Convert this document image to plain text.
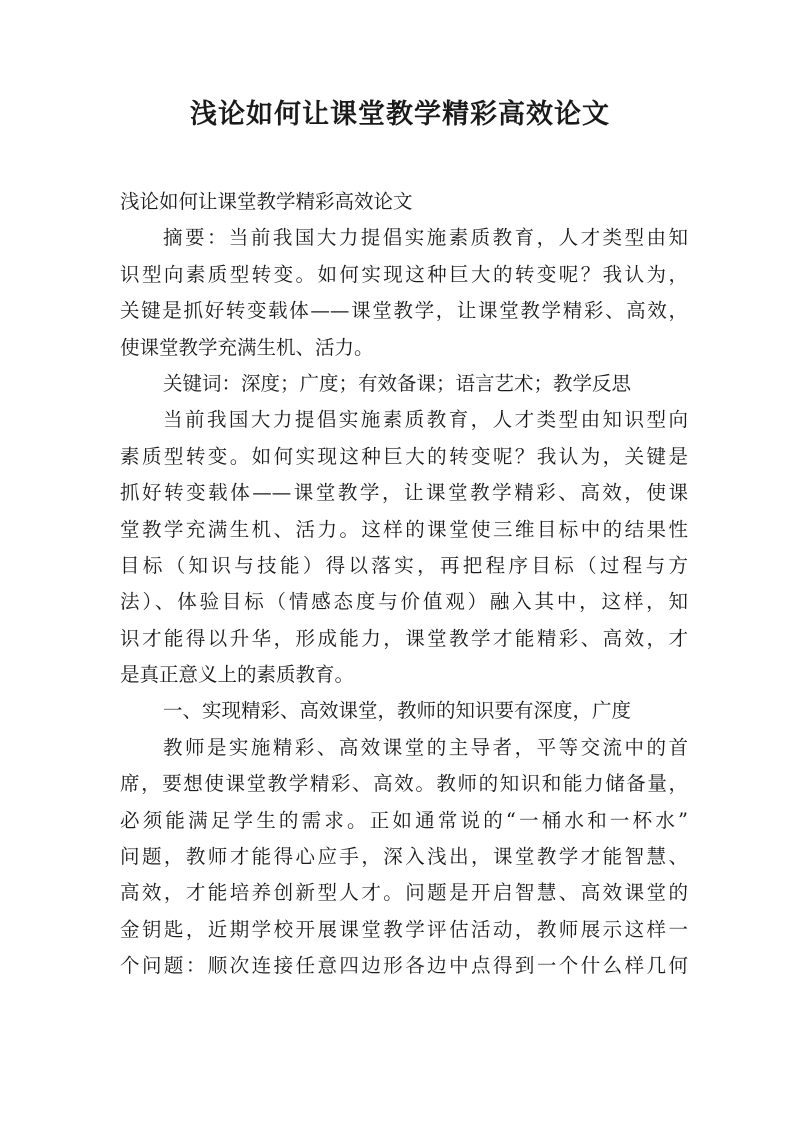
浅论如何让课堂教学精彩高效论文
浅论如何让课堂教学精彩高效论文
摘要：当前我国大力提倡实施素质教育，人才类型由知
识型向素质型转变。如何实现这种巨大的转变呢？我认为，
关键是抓好转变载体——课堂教学，让课堂教学精彩、高效，
使课堂教学充满生机、活力。
关键词：深度；广度；有效备课；语言艺术；教学反思
当前我国大力提倡实施素质教育，人才类型由知识型向
素质型转变。如何实现这种巨大的转变呢？我认为，关键是
抓好转变载体——课堂教学，让课堂教学精彩、高效，使课
堂教学充满生机、活力。这样的课堂使三维目标中的结果性
目标（知识与技能）得以落实，再把程序目标（过程与方
法）、体验目标（情感态度与价值观）融入其中，这样，知
识才能得以升华，形成能力，课堂教学才能精彩、高效，才
是真正意义上的素质教育。
一、实现精彩、高效课堂，教师的知识要有深度，广度
教师是实施精彩、高效课堂的主导者，平等交流中的首
席，要想使课堂教学精彩、高效。教师的知识和能力储备量，
必须能满足学生的需求。正如通常说的“一桶水和一杯水”
问题，教师才能得心应手，深入浅出，课堂教学才能智慧、
高效，才能培养创新型人才。问题是开启智慧、高效课堂的
金钥匙，近期学校开展课堂教学评估活动，教师展示这样一
个问题：顺次连接任意四边形各边中点得到一个什么样几何
